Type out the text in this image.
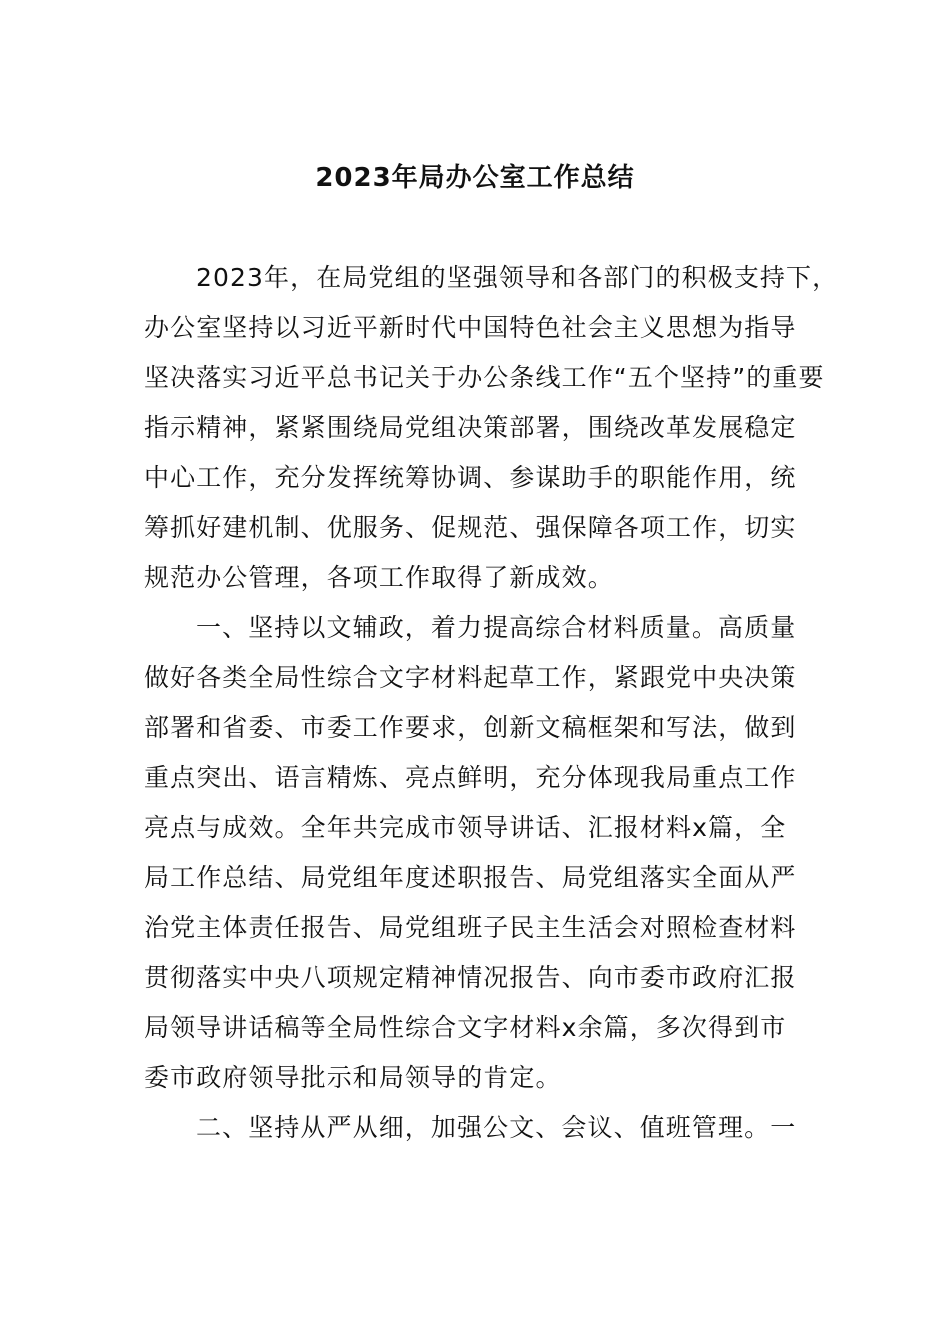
2023年局办公室工作总结
2023年，在局党组的坚强领导和各部门的积极支持下，
办公室坚持以习近平新时代中国特色社会主义思想为指导
坚决落实习近平总书记关于办公条线工作“五个坚持”的重要
指示精神，紧紧围绕局党组决策部署，围绕改革发展稳定
中心工作，充分发挥统筹协调、参谋助手的职能作用，统
筹抓好建机制、优服务、促规范、强保障各项工作，切实
规范办公管理，各项工作取得了新成效。
一、坚持以文辅政，着力提高综合材料质量。高质量
做好各类全局性综合文字材料起草工作，紧跟党中央决策
部署和省委、市委工作要求，创新文稿框架和写法，做到
重点突出、语言精炼、亮点鲜明，充分体现我局重点工作
亮点与成效。全年共完成市领导讲话、汇报材料x篇，全
局工作总结、局党组年度述职报告、局党组落实全面从严
治党主体责任报告、局党组班子民主生活会对照检查材料
贯彻落实中央八项规定精神情况报告、向市委市政府汇报
局领导讲话稿等全局性综合文字材料x余篇，多次得到市
委市政府领导批示和局领导的肯定。
二、坚持从严从细，加强公文、会议、值班管理。一
